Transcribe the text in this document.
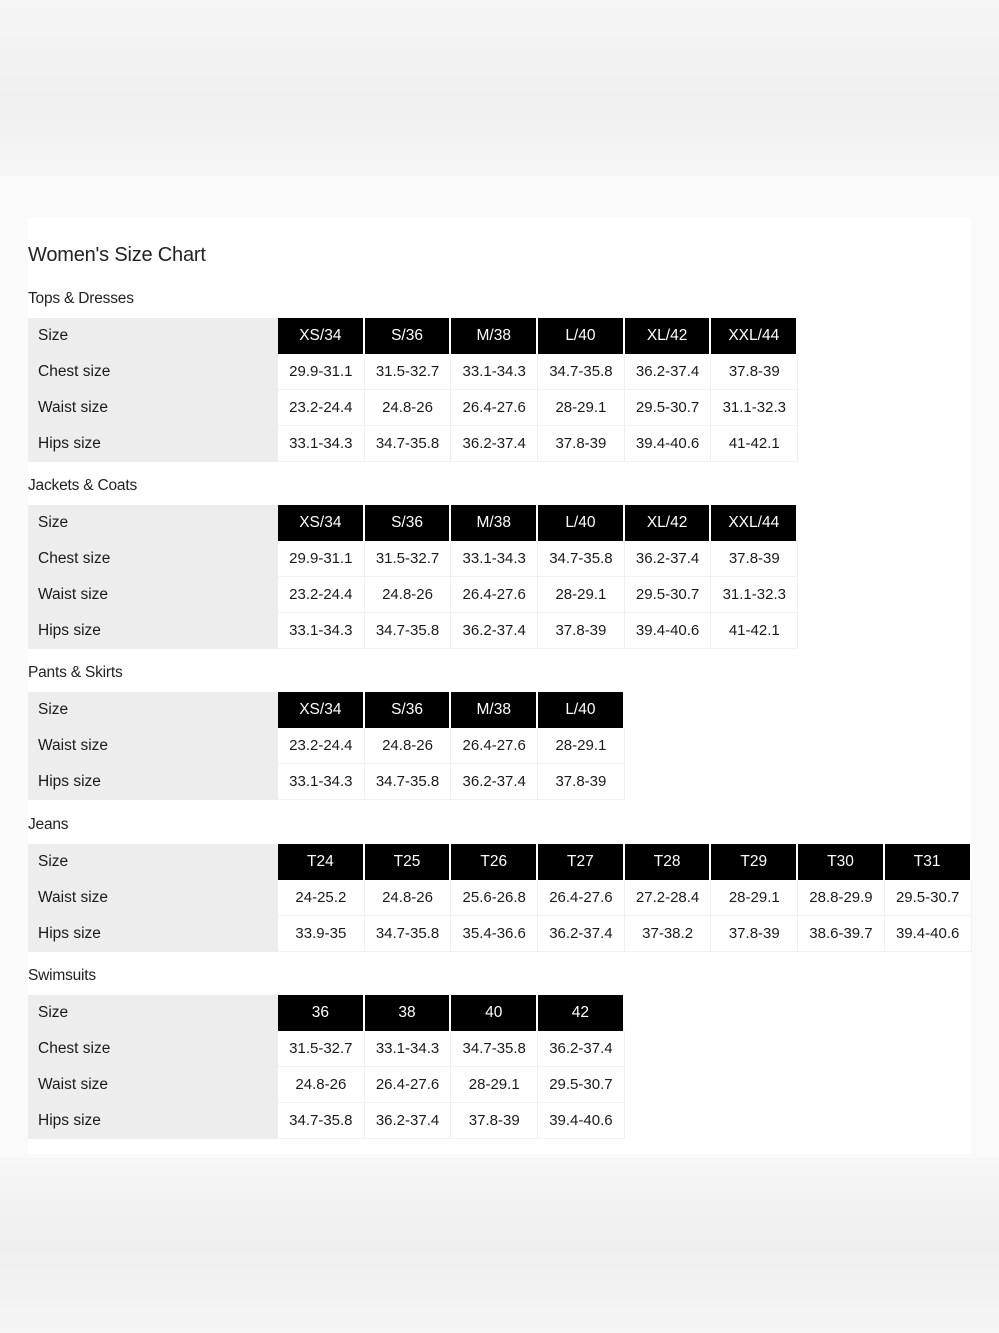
Women's Size Chart
Tops & Dresses
Size	XS/34	S/36	M/38	L/40	XL/42	XXL/44
Chest size	29.9-31.1	31.5-32.7	33.1-34.3	34.7-35.8	36.2-37.4	37.8-39
Waist size	23.2-24.4	24.8-26	26.4-27.6	28-29.1	29.5-30.7	31.1-32.3
Hips size	33.1-34.3	34.7-35.8	36.2-37.4	37.8-39	39.4-40.6	41-42.1
Jackets & Coats
Size	XS/34	S/36	M/38	L/40	XL/42	XXL/44
Chest size	29.9-31.1	31.5-32.7	33.1-34.3	34.7-35.8	36.2-37.4	37.8-39
Waist size	23.2-24.4	24.8-26	26.4-27.6	28-29.1	29.5-30.7	31.1-32.3
Hips size	33.1-34.3	34.7-35.8	36.2-37.4	37.8-39	39.4-40.6	41-42.1
Pants & Skirts
Size	XS/34	S/36	M/38	L/40
Waist size	23.2-24.4	24.8-26	26.4-27.6	28-29.1
Hips size	33.1-34.3	34.7-35.8	36.2-37.4	37.8-39
Jeans
Size	T24	T25	T26	T27	T28	T29	T30	T31
Waist size	24-25.2	24.8-26	25.6-26.8	26.4-27.6	27.2-28.4	28-29.1	28.8-29.9	29.5-30.7
Hips size	33.9-35	34.7-35.8	35.4-36.6	36.2-37.4	37-38.2	37.8-39	38.6-39.7	39.4-40.6
Swimsuits
Size	36	38	40	42
Chest size	31.5-32.7	33.1-34.3	34.7-35.8	36.2-37.4
Waist size	24.8-26	26.4-27.6	28-29.1	29.5-30.7
Hips size	34.7-35.8	36.2-37.4	37.8-39	39.4-40.6
